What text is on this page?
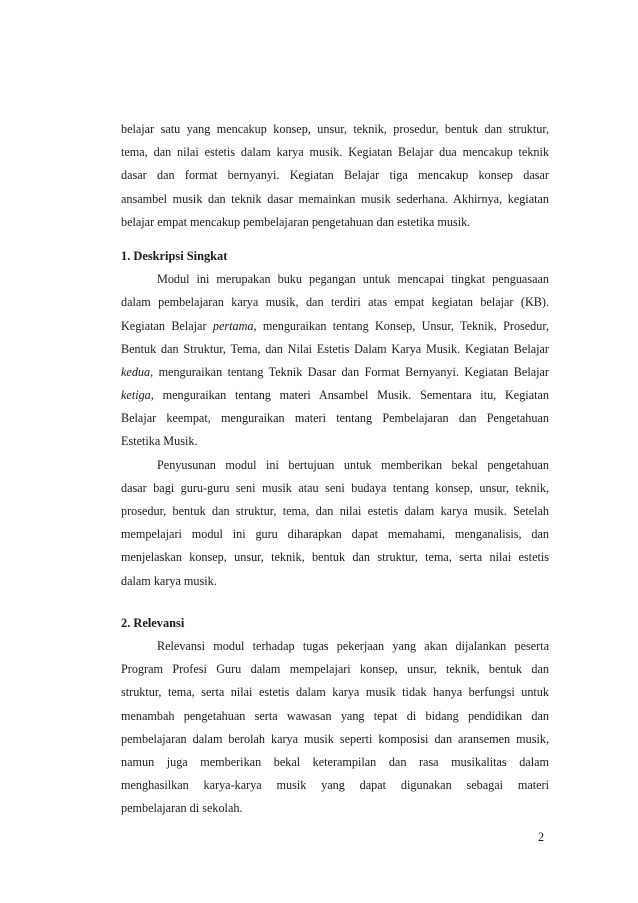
belajar satu yang mencakup konsep, unsur, teknik, prosedur, bentuk dan struktur,
tema, dan nilai estetis dalam karya musik. Kegiatan Belajar dua mencakup teknik
dasar dan format bernyanyi. Kegiatan Belajar tiga mencakup konsep dasar
ansambel musik dan teknik dasar memainkan musik sederhana. Akhirnya, kegiatan
belajar empat mencakup pembelajaran pengetahuan dan estetika musik.
1. Deskripsi Singkat
Modul ini merupakan buku pegangan untuk mencapai tingkat penguasaan
dalam pembelajaran karya musik, dan terdiri atas empat kegiatan belajar (KB).
Kegiatan Belajar pertama, menguraikan tentang Konsep, Unsur, Teknik, Prosedur,
Bentuk dan Struktur, Tema, dan Nilai Estetis Dalam Karya Musik. Kegiatan Belajar
kedua, menguraikan tentang Teknik Dasar dan Format Bernyanyi. Kegiatan Belajar
ketiga, menguraikan tentang materi Ansambel Musik. Sementara itu, Kegiatan
Belajar keempat, menguraikan materi tentang Pembelajaran dan Pengetahuan
Estetika Musik.
Penyusunan modul ini bertujuan untuk memberikan bekal pengetahuan
dasar bagi guru-guru seni musik atau seni budaya tentang konsep, unsur, teknik,
prosedur, bentuk dan struktur, tema, dan nilai estetis dalam karya musik. Setelah
mempelajari modul ini guru diharapkan dapat memahami, menganalisis, dan
menjelaskan konsep, unsur, teknik, bentuk dan struktur, tema, serta nilai estetis
dalam karya musik.
2. Relevansi
Relevansi modul terhadap tugas pekerjaan yang akan dijalankan peserta
Program Profesi Guru dalam mempelajari konsep, unsur, teknik, bentuk dan
struktur, tema, serta nilai estetis dalam karya musik tidak hanya berfungsi untuk
menambah pengetahuan serta wawasan yang tepat di bidang pendidikan dan
pembelajaran dalam berolah karya musik seperti komposisi dan aransemen musik,
namun juga memberikan bekal keterampilan dan rasa musikalitas dalam
menghasilkan karya-karya musik yang dapat digunakan sebagai materi
pembelajaran di sekolah.
2
